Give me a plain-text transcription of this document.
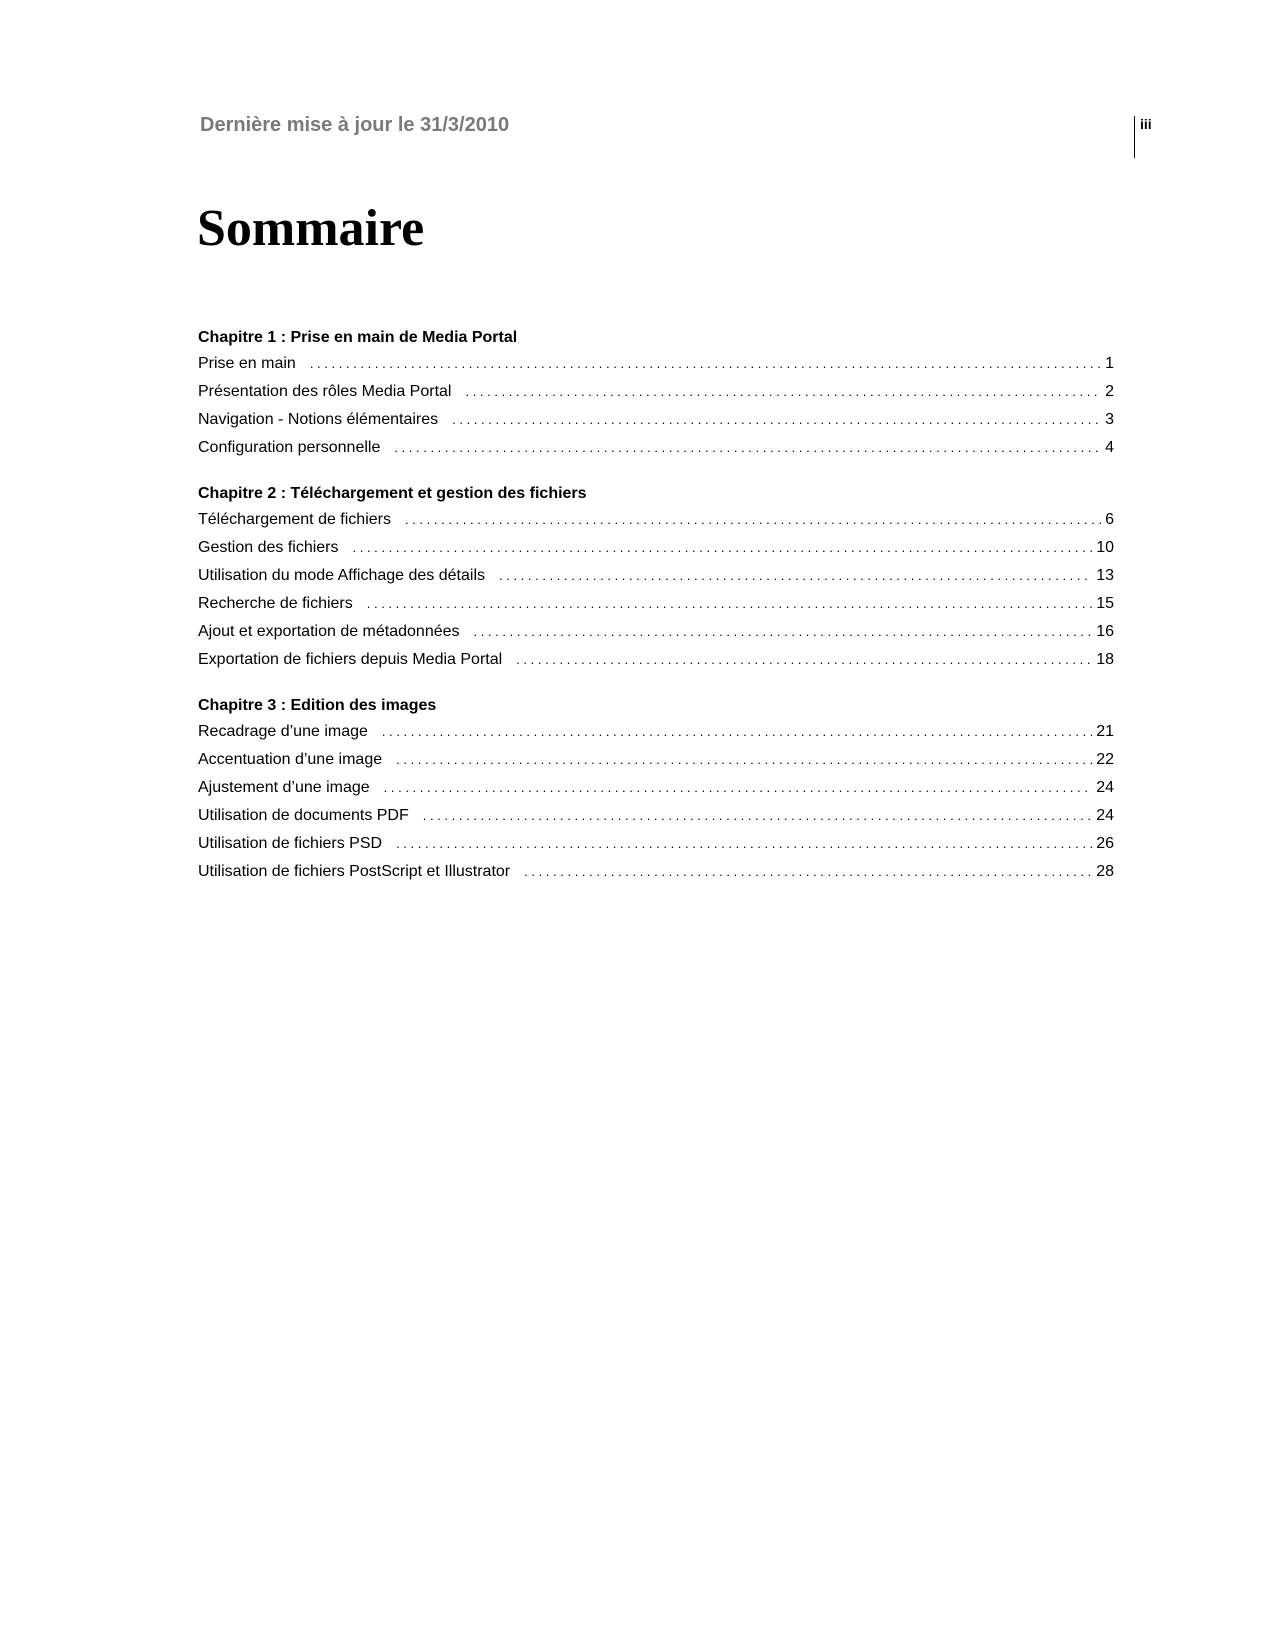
Dernière mise à jour le 31/3/2010	iii
Sommaire
Chapitre 1 : Prise en main de Media Portal
Prise en main . . .	1
Présentation des rôles Media Portal . . .	2
Navigation - Notions élémentaires . . .	3
Configuration personnelle . . .	4
Chapitre 2 : Téléchargement et gestion des fichiers
Téléchargement de fichiers . . .	6
Gestion des fichiers . . .	10
Utilisation du mode Affichage des détails . . .	13
Recherche de fichiers . . .	15
Ajout et exportation de métadonnées . . .	16
Exportation de fichiers depuis Media Portal . . .	18
Chapitre 3 : Edition des images
Recadrage d’une image . . .	21
Accentuation d’une image . . .	22
Ajustement d’une image . . .	24
Utilisation de documents PDF . . .	24
Utilisation de fichiers PSD . . .	26
Utilisation de fichiers PostScript et Illustrator . . .	28
